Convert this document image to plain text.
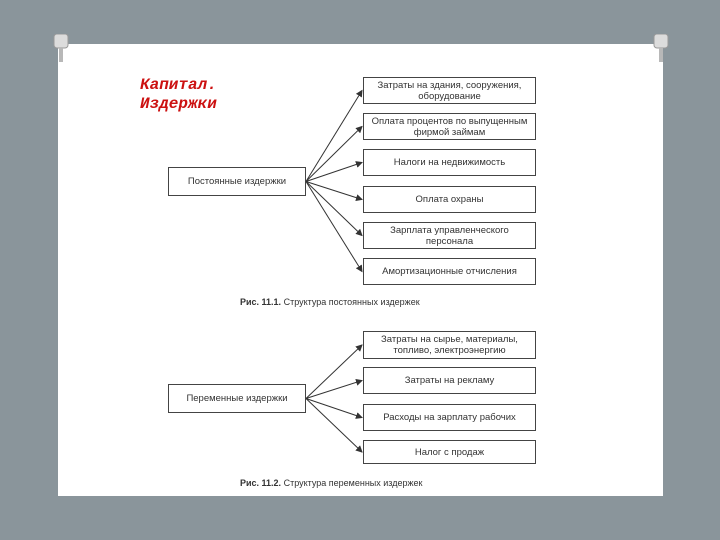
Капитал.
Издержки
Постоянные издержки
Затраты на здания, сооружения, оборудование
Оплата процентов по выпущенным фирмой займам
Налоги на недвижимость
Оплата охраны
Зарплата управленческого персонала
Амортизационные отчисления
Рис. 11.1. Структура постоянных издержек
Переменные издержки
Затраты на сырье, материалы, топливо, электроэнергию
Затраты на рекламу
Расходы на зарплату рабочих
Налог с продаж
Рис. 11.2. Структура переменных издержек
